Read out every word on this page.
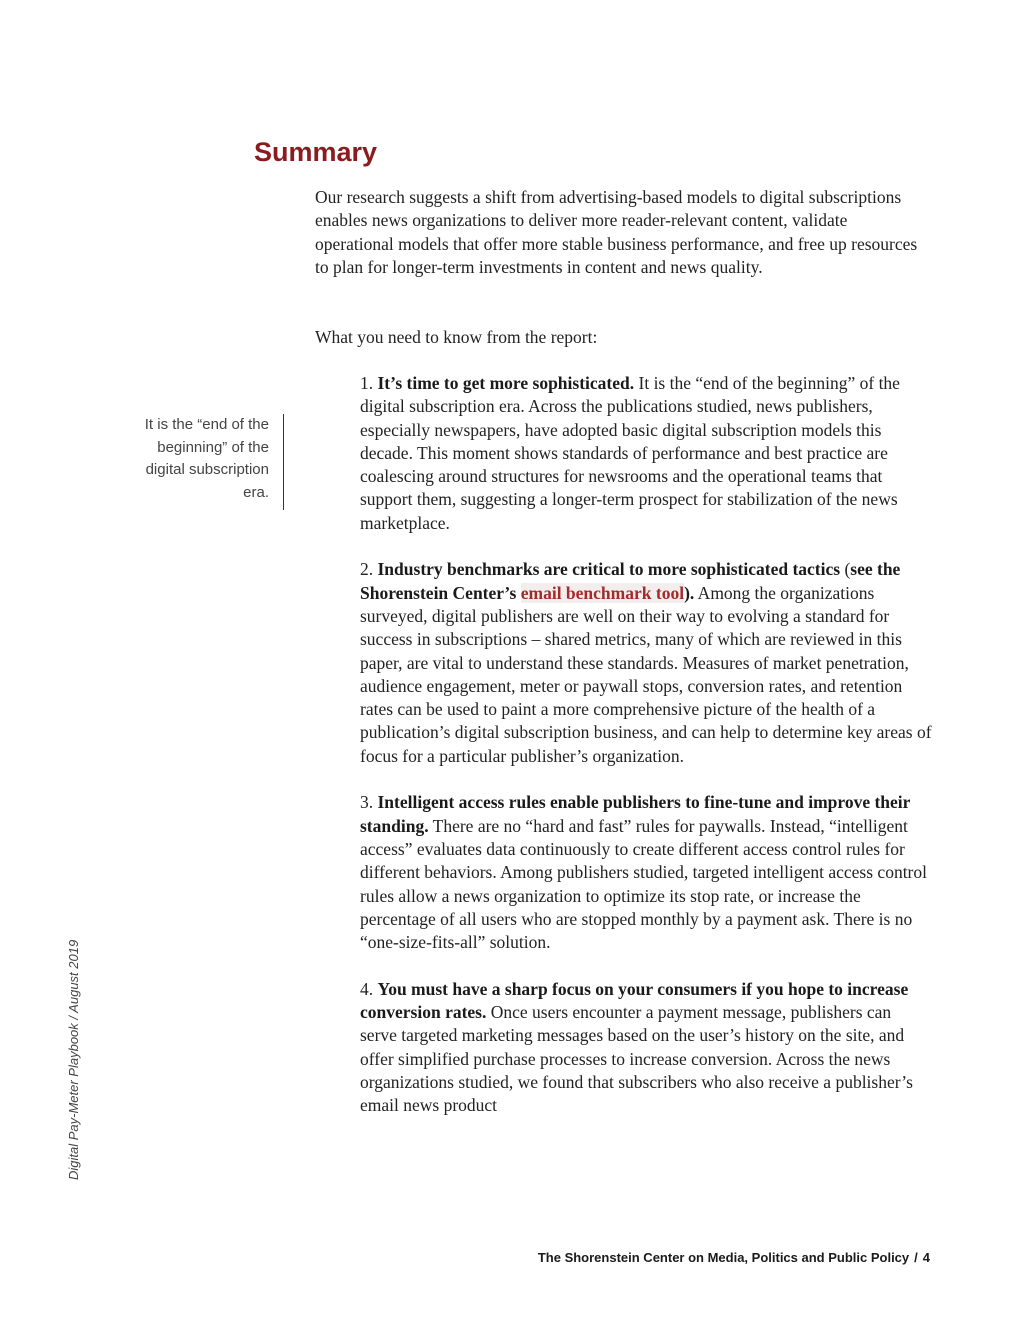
Summary

Our research suggests a shift from advertising-based models to digital subscriptions enables news organizations to deliver more reader-relevant content, validate operational models that offer more stable business performance, and free up resources to plan for longer-term investments in content and news quality.

What you need to know from the report:

1. It’s time to get more sophisticated. It is the “end of the beginning” of the digital subscription era. Across the publications studied, news publishers, especially newspapers, have adopted basic digital subscription models this decade. This moment shows standards of performance and best practice are coalescing around structures for newsrooms and the operational teams that support them, suggesting a longer-term prospect for stabilization of the news marketplace.
2. Industry benchmarks are critical to more sophisticated tactics (see the Shorenstein Center’s email benchmark tool). Among the organizations surveyed, digital publishers are well on their way to evolving a standard for success in subscriptions – shared metrics, many of which are reviewed in this paper, are vital to understand these standards. Measures of market penetration, audience engagement, meter or paywall stops, conversion rates, and retention rates can be used to paint a more comprehensive picture of the health of a publication’s digital subscription business, and can help to determine key areas of focus for a particular publisher’s organization.
3. Intelligent access rules enable publishers to fine-tune and improve their standing. There are no “hard and fast” rules for paywalls. Instead, “intelligent access” evaluates data continuously to create different access control rules for different behaviors. Among publishers studied, targeted intelligent access control rules allow a news organization to optimize its stop rate, or increase the percentage of all users who are stopped monthly by a payment ask. There is no “one-size-fits-all” solution.
4. You must have a sharp focus on your consumers if you hope to increase conversion rates. Once users encounter a payment message, publishers can serve targeted marketing messages based on the user’s history on the site, and offer simplified purchase processes to increase conversion. Across the news organizations studied, we found that subscribers who also receive a publisher’s email news product

It is the “end of the beginning” of the digital subscription era.

Digital Pay-Meter Playbook / August 2019
The Shorenstein Center on Media, Politics and Public Policy / 4
